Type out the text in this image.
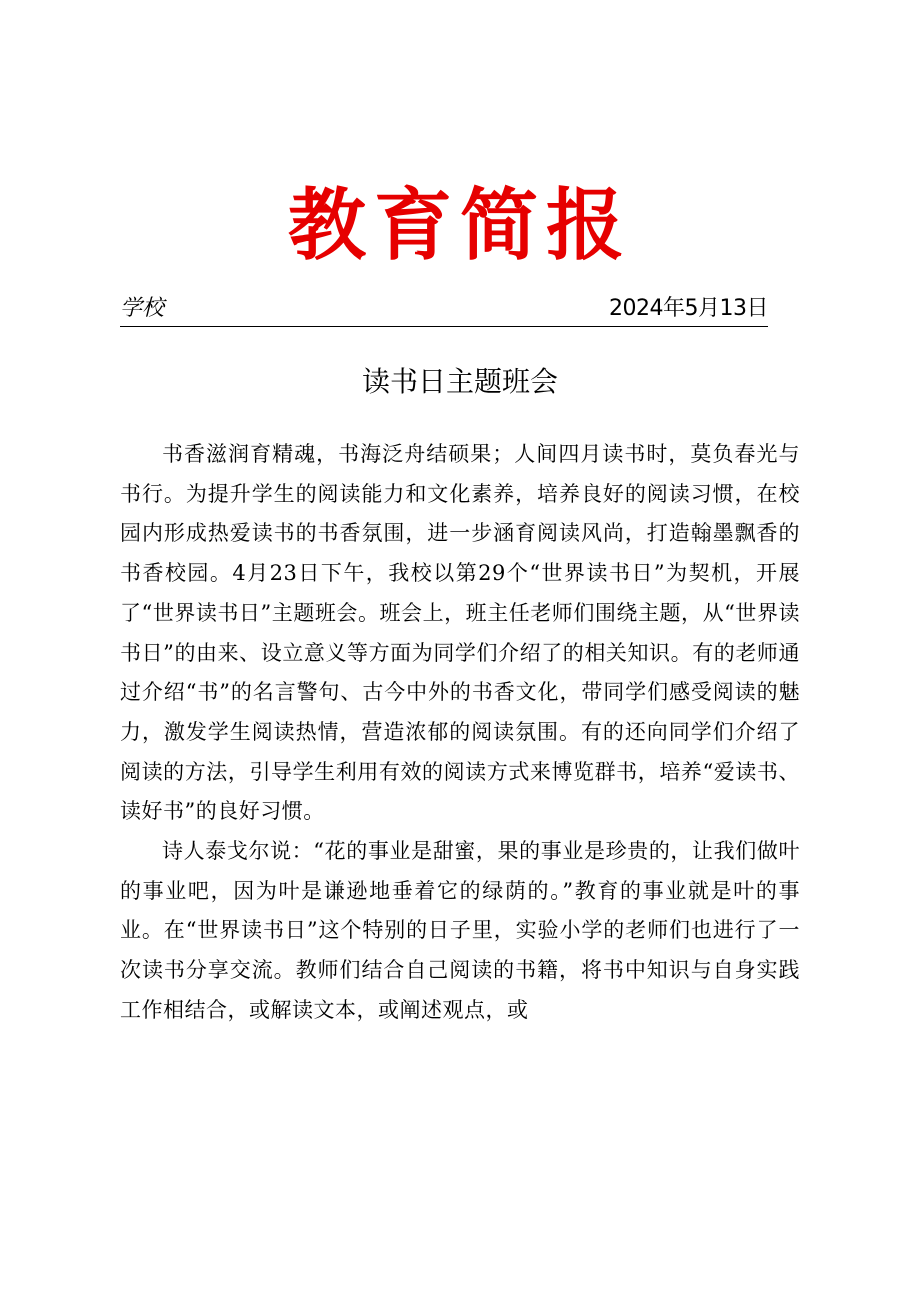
教育简报
学校	2024年5月13日
读书日主题班会

书香滋润育精魂，书海泛舟结硕果；人间四月读书时，莫负春光与书行。为提升学生的阅读能力和文化素养，培养良好的阅读习惯，在校园内形成热爱读书的书香氛围，进一步涵育阅读风尚，打造翰墨飘香的书香校园。4月23日下午，我校以第29个“世界读书日”为契机，开展了“世界读书日”主题班会。班会上，班主任老师们围绕主题，从“世界读书日”的由来、设立意义等方面为同学们介绍了的相关知识。有的老师通过介绍“书”的名言警句、古今中外的书香文化，带同学们感受阅读的魅力，激发学生阅读热情，营造浓郁的阅读氛围。有的还向同学们介绍了阅读的方法，引导学生利用有效的阅读方式来博览群书，培养“爱读书、读好书”的良好习惯。

诗人泰戈尔说：“花的事业是甜蜜，果的事业是珍贵的，让我们做叶的事业吧，因为叶是谦逊地垂着它的绿荫的。”教育的事业就是叶的事业。在“世界读书日”这个特别的日子里，实验小学的老师们也进行了一次读书分享交流。教师们结合自己阅读的书籍，将书中知识与自身实践工作相结合，或解读文本，或阐述观点，或
